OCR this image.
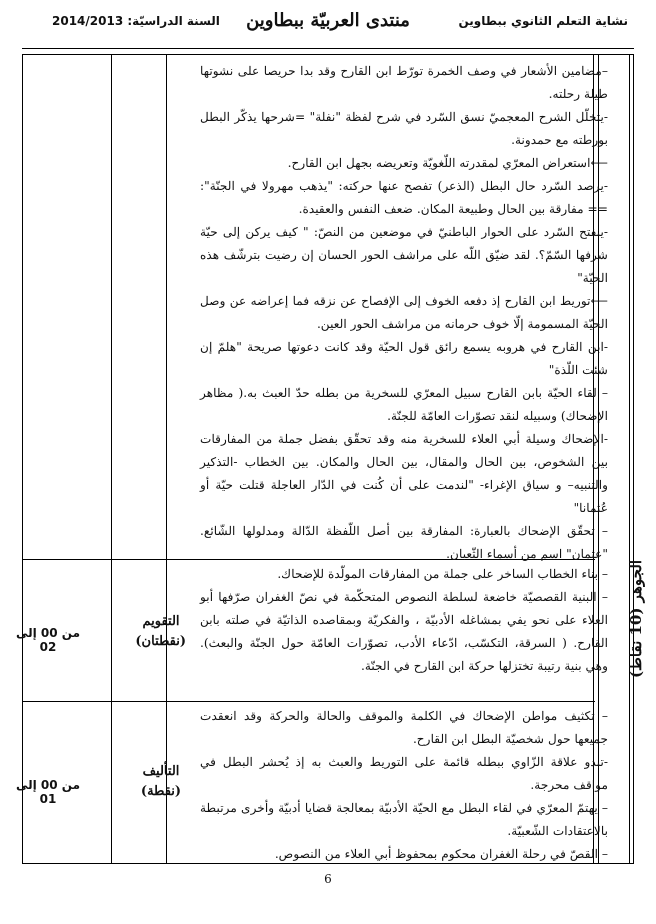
نشاية التعلم الثانوي ببطاوين
منتدى العربيّة ببطاوين
السنة الدراسيّة: 2014/2013
الجوهر (10 نقاط)

–مضامين الأشعار في وصف الخمرة تورّط ابن القارح وقد بدا حريصا على نشوتها طيلة رحلته.

-يتخلّل الشرح المعجميّ نسق السّرد في شرح لفظة "نفلة" =شرحها يذكّر البطل بورطته مع حمدونة.

⟵استعراض المعرّي لمقدرته اللّغويّة وتعريضه بجهل ابن القارح.

-يرصد السّرد حال البطل (الذعر) تفصح عنها حركته: "يذهب مهرولا في الجنّة": == مفارقة بين الحال وطبيعة المكان. ضعف النفس والعقيدة.

-ينفتح السّرد على الحوار الباطنيّ في موضعين من النصّ: " كيف يركن إلى حيّة شرفها السّمّ؟. لقد ضيّق اللّه على مراشف الحور الحسان إن رضيت بترشّف هذه الحيّة"

⟵توريط ابن القارح إذ دفعه الخوف إلى الإفصاح عن نزقه فما إعراضه عن وصل الحيّة المسمومة إلّا خوف حرمانه من مراشف الحور العين.

-ابن القارح في هروبه يسمع رائق قول الحيّة وقد كانت دعوتها صريحة "هلمّ إن شئت اللّذة"

– لقاء الحيّة بابن القارح سبيل المعرّي للسخرية من بطله حدّ العبث به.( مظاهر الإضحاك) وسبيله لنقد تصوّرات العامّة للجنّة.

-الإضحاك وسيلة أبي العلاء للسخرية منه وقد تحقّق بفضل جملة من المفارقات بين الشخوص، بين الحال والمقال، بين الحال والمكان. بين الخطاب -التذكير والتنبيه– و سياق الإغراء- "لندمت على أن كُنت في الدّار العاجلة قتلت حيّة أو عُثمانا"

– تحقّق الإضحاك بالعبارة: المفارقة بين أصل اللّفظة الدّالة ومدلولها الشّائع. "عثمان" اسم من أسماء الثّعبان.

– بناء الخطاب الساخر على جملة من المفارقات المولّدة للإضحاك.

– البنية القصصيّة خاضعة لسلطة النصوص المتحكّمة في نصّ الغفران صرّفها أبو العلاء على نحو يفي بمشاغله الأدبيّة ، والفكريّة وبمقاصده الذاتيّة في صلته بابن القارح. ( السرقة، التكسّب، ادّعاء الأدب، تصوّرات العامّة حول الجنّة والبعث). وهي بنية رتيبة تختزلها حركة ابن القارح في الجنّة.

التقويم (نقطتان)
من 00 إلى 02

– تكثيف مواطن الإضحاك في الكلمة والموقف والحالة والحركة وقد انعقدت جميعها حول شخصيّة البطل ابن القارح.

-تبدو علاقة الزّاوي ببطله قائمة على التوريط والعبث به إذ يُحشر البطل في مواقف محرجة.

– يهتمّ المعرّي في لقاء البطل مع الحيّة الأدبيّة بمعالجة قضايا أدبيّة وأخرى مرتبطة بالاعتقادات الشّعبيّة.

– القصّ في رحلة الغفران محكوم بمحفوظ أبي العلاء من النصوص.

التأليف (نقطة)
من 00 إلى 01
6
